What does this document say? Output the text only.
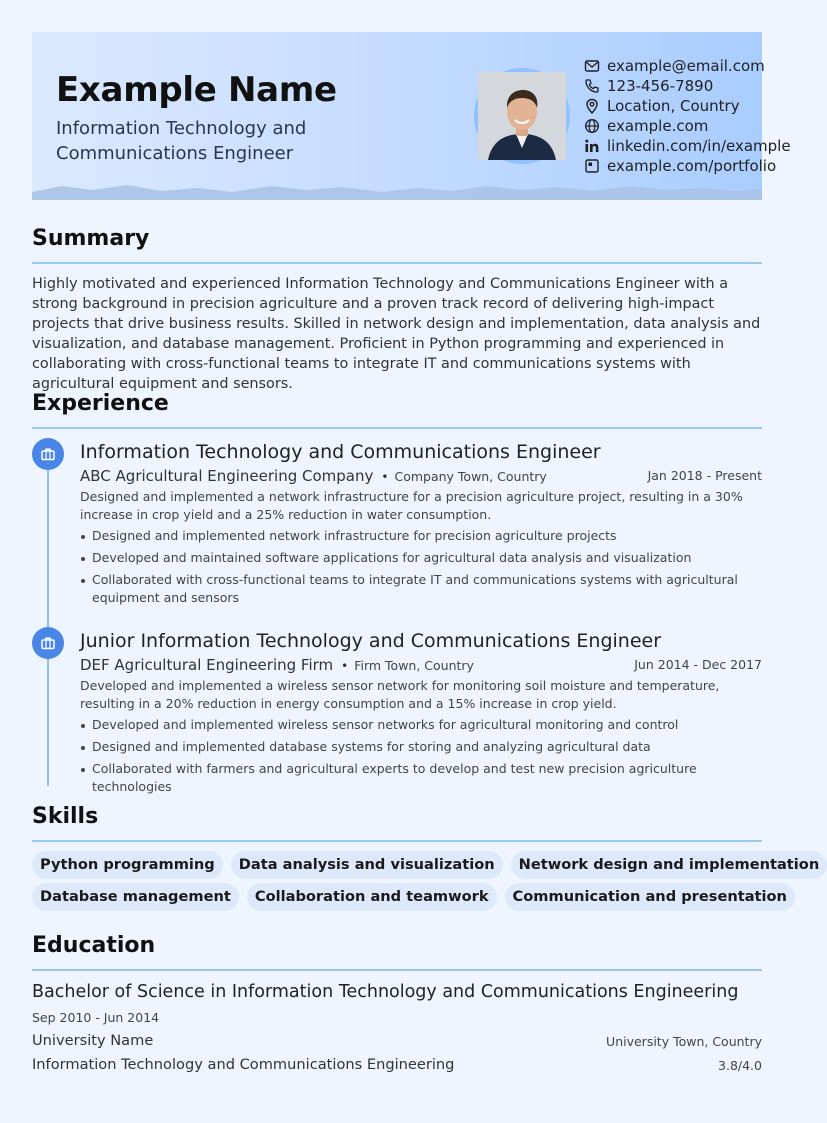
Example Name
Information Technology and Communications Engineer
example@email.com
123-456-7890
Location, Country
example.com
linkedin.com/in/example
example.com/portfolio
Summary
Highly motivated and experienced Information Technology and Communications Engineer with a strong background in precision agriculture and a proven track record of delivering high-impact projects that drive business results. Skilled in network design and implementation, data analysis and visualization, and database management. Proficient in Python programming and experienced in collaborating with cross-functional teams to integrate IT and communications systems with agricultural equipment and sensors.
Experience
Information Technology and Communications Engineer
ABC Agricultural Engineering Company • Company Town, Country	Jan 2018 - Present
Designed and implemented a network infrastructure for a precision agriculture project, resulting in a 30% increase in crop yield and a 25% reduction in water consumption.
Designed and implemented network infrastructure for precision agriculture projects
Developed and maintained software applications for agricultural data analysis and visualization
Collaborated with cross-functional teams to integrate IT and communications systems with agricultural equipment and sensors
Junior Information Technology and Communications Engineer
DEF Agricultural Engineering Firm • Firm Town, Country	Jun 2014 - Dec 2017
Developed and implemented a wireless sensor network for monitoring soil moisture and temperature, resulting in a 20% reduction in energy consumption and a 15% increase in crop yield.
Developed and implemented wireless sensor networks for agricultural monitoring and control
Designed and implemented database systems for storing and analyzing agricultural data
Collaborated with farmers and agricultural experts to develop and test new precision agriculture technologies
Skills
Python programming	Data analysis and visualization	Network design and implementation
Database management	Collaboration and teamwork	Communication and presentation
Education
Bachelor of Science in Information Technology and Communications Engineering
Sep 2010 - Jun 2014
University Name	University Town, Country
Information Technology and Communications Engineering	3.8/4.0
